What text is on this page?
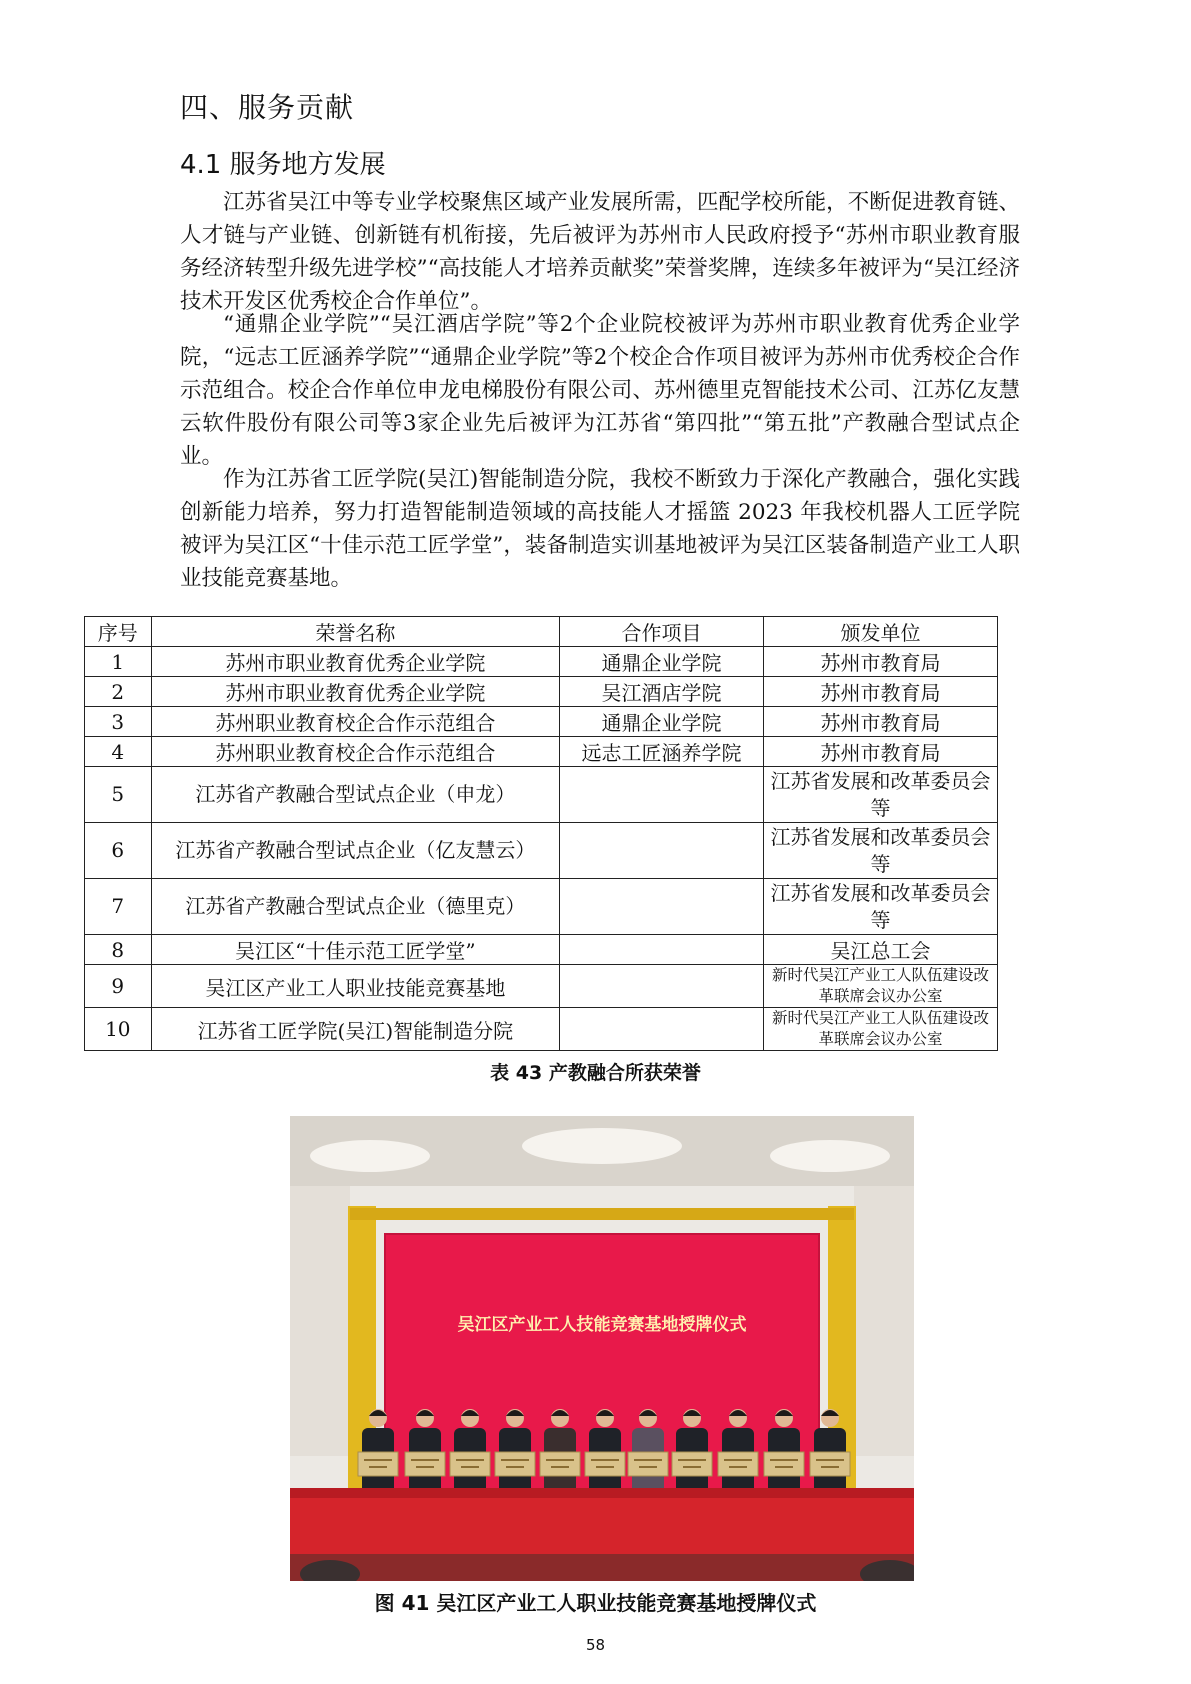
四、服务贡献
4.1 服务地方发展

江苏省吴江中等专业学校聚焦区域产业发展所需，匹配学校所能，不断促进教育链、人才链与产业链、创新链有机衔接，先后被评为苏州市人民政府授予“苏州市职业教育服务经济转型升级先进学校”“高技能人才培养贡献奖”荣誉奖牌，连续多年被评为“吴江经济技术开发区优秀校企合作单位”。

“通鼎企业学院”“吴江酒店学院”等2个企业院校被评为苏州市职业教育优秀企业学院，“远志工匠涵养学院”“通鼎企业学院”等2个校企合作项目被评为苏州市优秀校企合作示范组合。校企合作单位申龙电梯股份有限公司、苏州德里克智能技术公司、江苏亿友慧云软件股份有限公司等3家企业先后被评为江苏省“第四批”“第五批”产教融合型试点企业。

作为江苏省工匠学院(吴江)智能制造分院，我校不断致力于深化产教融合，强化实践创新能力培养，努力打造智能制造领域的高技能人才摇篮 2023 年我校机器人工匠学院被评为吴江区“十佳示范工匠学堂”，装备制造实训基地被评为吴江区装备制造产业工人职业技能竞赛基地。

序号	荣誉名称	合作项目	颁发单位
1	苏州市职业教育优秀企业学院	通鼎企业学院	苏州市教育局
2	苏州市职业教育优秀企业学院	吴江酒店学院	苏州市教育局
3	苏州职业教育校企合作示范组合	通鼎企业学院	苏州市教育局
4	苏州职业教育校企合作示范组合	远志工匠涵养学院	苏州市教育局
5	江苏省产教融合型试点企业（申龙）		江苏省发展和改革委员会等
6	江苏省产教融合型试点企业（亿友慧云）		江苏省发展和改革委员会等
7	江苏省产教融合型试点企业（德里克）		江苏省发展和改革委员会等
8	吴江区“十佳示范工匠学堂”		吴江总工会
9	吴江区产业工人职业技能竞赛基地		新时代吴江产业工人队伍建设改革联席会议办公室
10	江苏省工匠学院(吴江)智能制造分院		新时代吴江产业工人队伍建设改革联席会议办公室
表 43 产教融合所获荣誉
吴江区产业工人技能竞赛基地授牌仪式
图 41 吴江区产业工人职业技能竞赛基地授牌仪式
58
